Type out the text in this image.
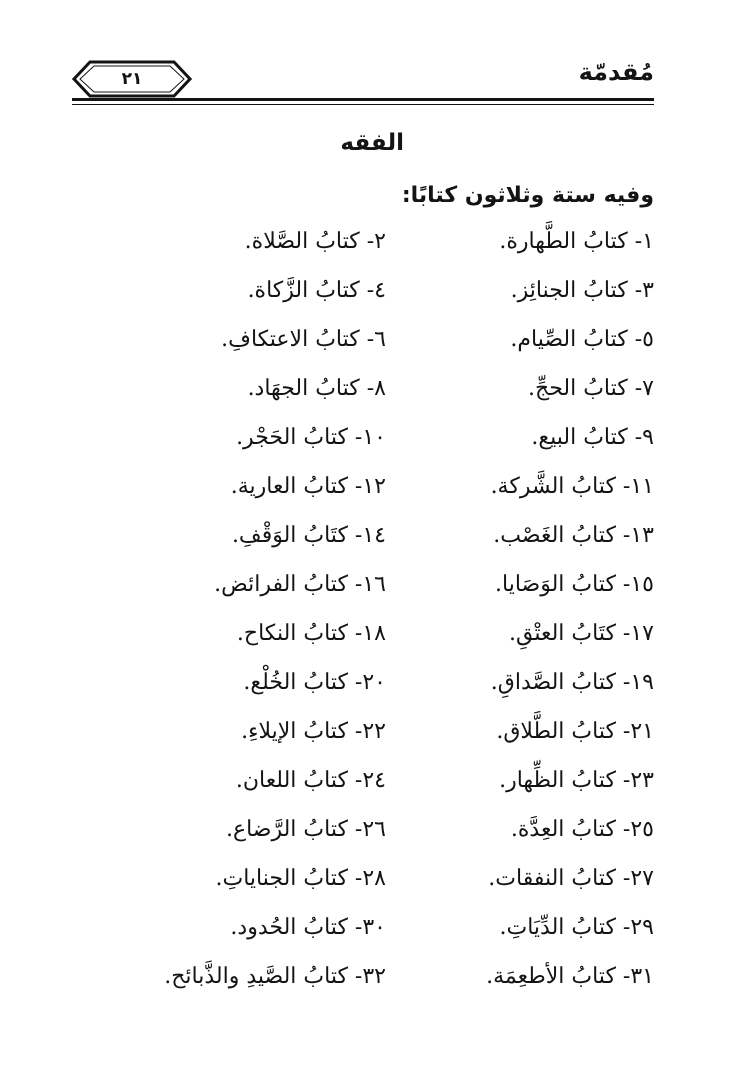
مُقدمّة
٢١
الفقه
وفيه ستة وثلاثون كتابًا:
١- كتابُ الطَّهارة.
٢- كتابُ الصَّلاة.
٣- كتابُ الجنائِز.
٤- كتابُ الزَّكاة.
٥- كتابُ الصِّيام.
٦- كتابُ الاعتكافِ.
٧- كتابُ الحجِّ.
٨- كتابُ الجهَاد.
٩- كتابُ البيع.
١٠- كتابُ الحَجْر.
١١- كتابُ الشَّركة.
١٢- كتابُ العارية.
١٣- كتابُ الغَصْب.
١٤- كتَابُ الوَقْفِ.
١٥- كتابُ الوَصَايا.
١٦- كتابُ الفرائض.
١٧- كتَابُ العتْقِ.
١٨- كتابُ النكاح.
١٩- كتابُ الصَّداقِ.
٢٠- كتابُ الخُلْع.
٢١- كتابُ الطَّلاق.
٢٢- كتابُ الإيلاءِ.
٢٣- كتابُ الظِّهار.
٢٤- كتابُ اللعان.
٢٥- كتابُ العِدَّة.
٢٦- كتابُ الرَّضاع.
٢٧- كتابُ النفقات.
٢٨- كتابُ الجناياتِ.
٢٩- كتابُ الدِّيَاتِ.
٣٠- كتابُ الحُدود.
٣١- كتابُ الأطعِمَة.
٣٢- كتابُ الصَّيدِ والذَّبائح.
